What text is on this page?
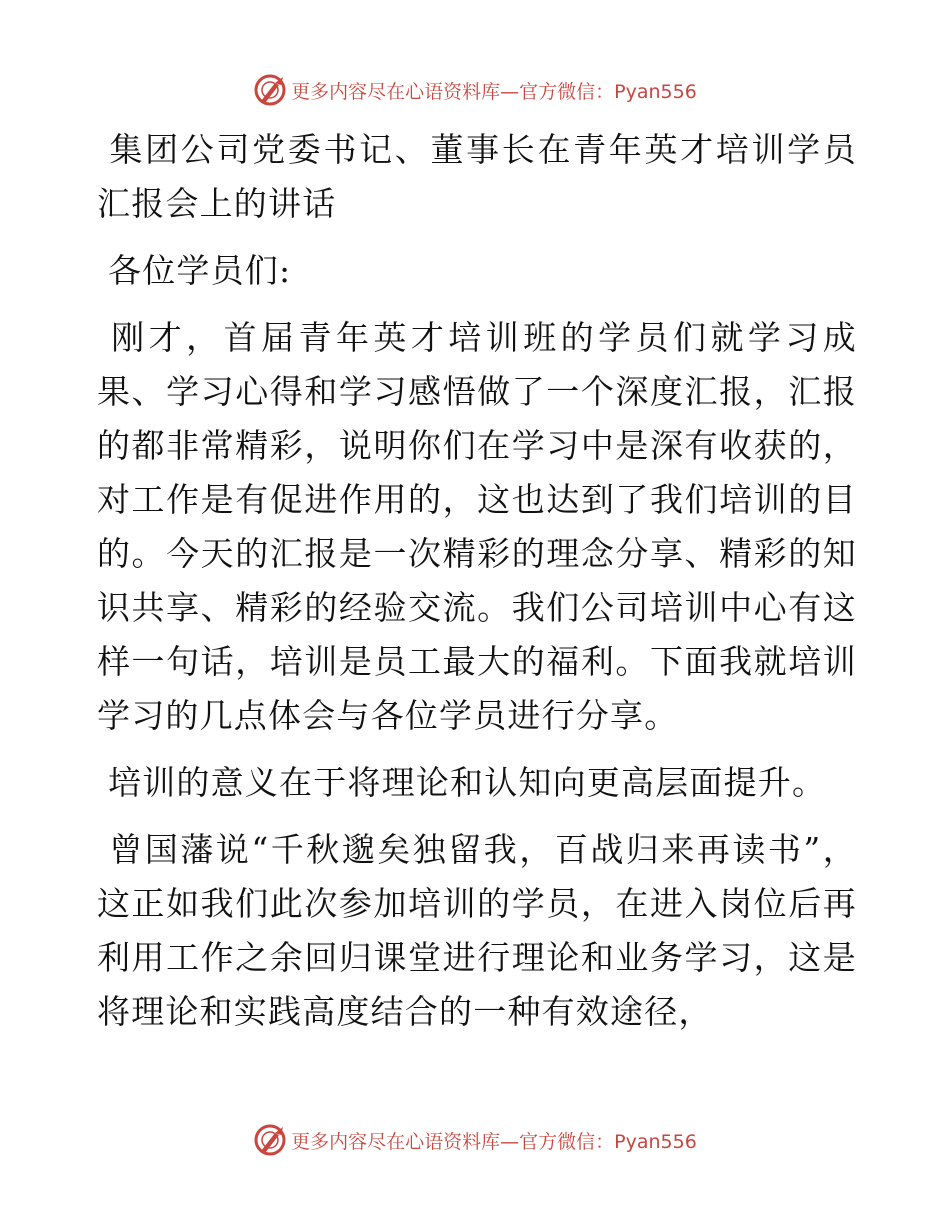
更多内容尽在心语资料库—官方微信：Pyan556

集团公司党委书记、董事长在青年英才培训学员汇报会上的讲话

各位学员们:

刚才，首届青年英才培训班的学员们就学习成果、学习心得和学习感悟做了一个深度汇报，汇报的都非常精彩，说明你们在学习中是深有收获的，对工作是有促进作用的，这也达到了我们培训的目的。今天的汇报是一次精彩的理念分享、精彩的知识共享、精彩的经验交流。我们公司培训中心有这样一句话，培训是员工最大的福利。下面我就培训学习的几点体会与各位学员进行分享。

培训的意义在于将理论和认知向更高层面提升。

曾国藩说“千秋邈矣独留我，百战归来再读书”，这正如我们此次参加培训的学员，在进入岗位后再利用工作之余回归课堂进行理论和业务学习，这是将理论和实践高度结合的一种有效途径，

更多内容尽在心语资料库—官方微信：Pyan556
